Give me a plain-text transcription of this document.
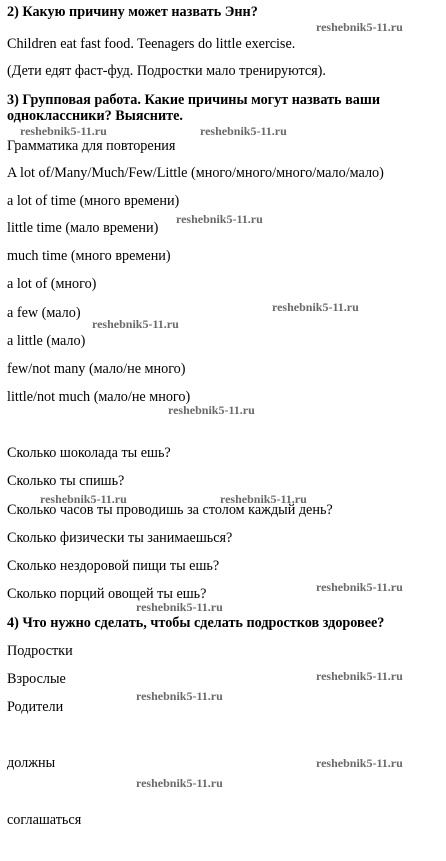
2) Какую причину может назвать Энн?
Children eat fast food. Teenagers do little exercise.
(Дети едят фаст-фуд. Подростки мало тренируются).
3) Групповая работа. Какие причины могут назвать ваши
одноклассники? Выясните.
Грамматика для повторения
A lot of/Many/Much/Few/Little (много/много/много/мало/мало)
a lot of time (много времени)
little time (мало времени)
much time (много времени)
a lot of (много)
a few (мало)
a little (мало)
few/not many (мало/не много)
little/not much (мало/не много)
Сколько шоколада ты ешь?
Сколько ты спишь?
Сколько часов ты проводишь за столом каждый день?
Сколько физически ты занимаешься?
Сколько нездоровой пищи ты ешь?
Сколько порций овощей ты ешь?
4) Что нужно сделать, чтобы сделать подростков здоровее?
Подростки
Взрослые
Родители
должны
соглашаться
reshebnik5-11.ru
reshebnik5-11.ru	reshebnik5-11.ru
reshebnik5-11.ru
reshebnik5-11.ru
reshebnik5-11.ru
reshebnik5-11.ru
reshebnik5-11.ru	reshebnik5-11.ru
reshebnik5-11.ru
reshebnik5-11.ru
reshebnik5-11.ru
reshebnik5-11.ru
reshebnik5-11.ru
reshebnik5-11.ru
